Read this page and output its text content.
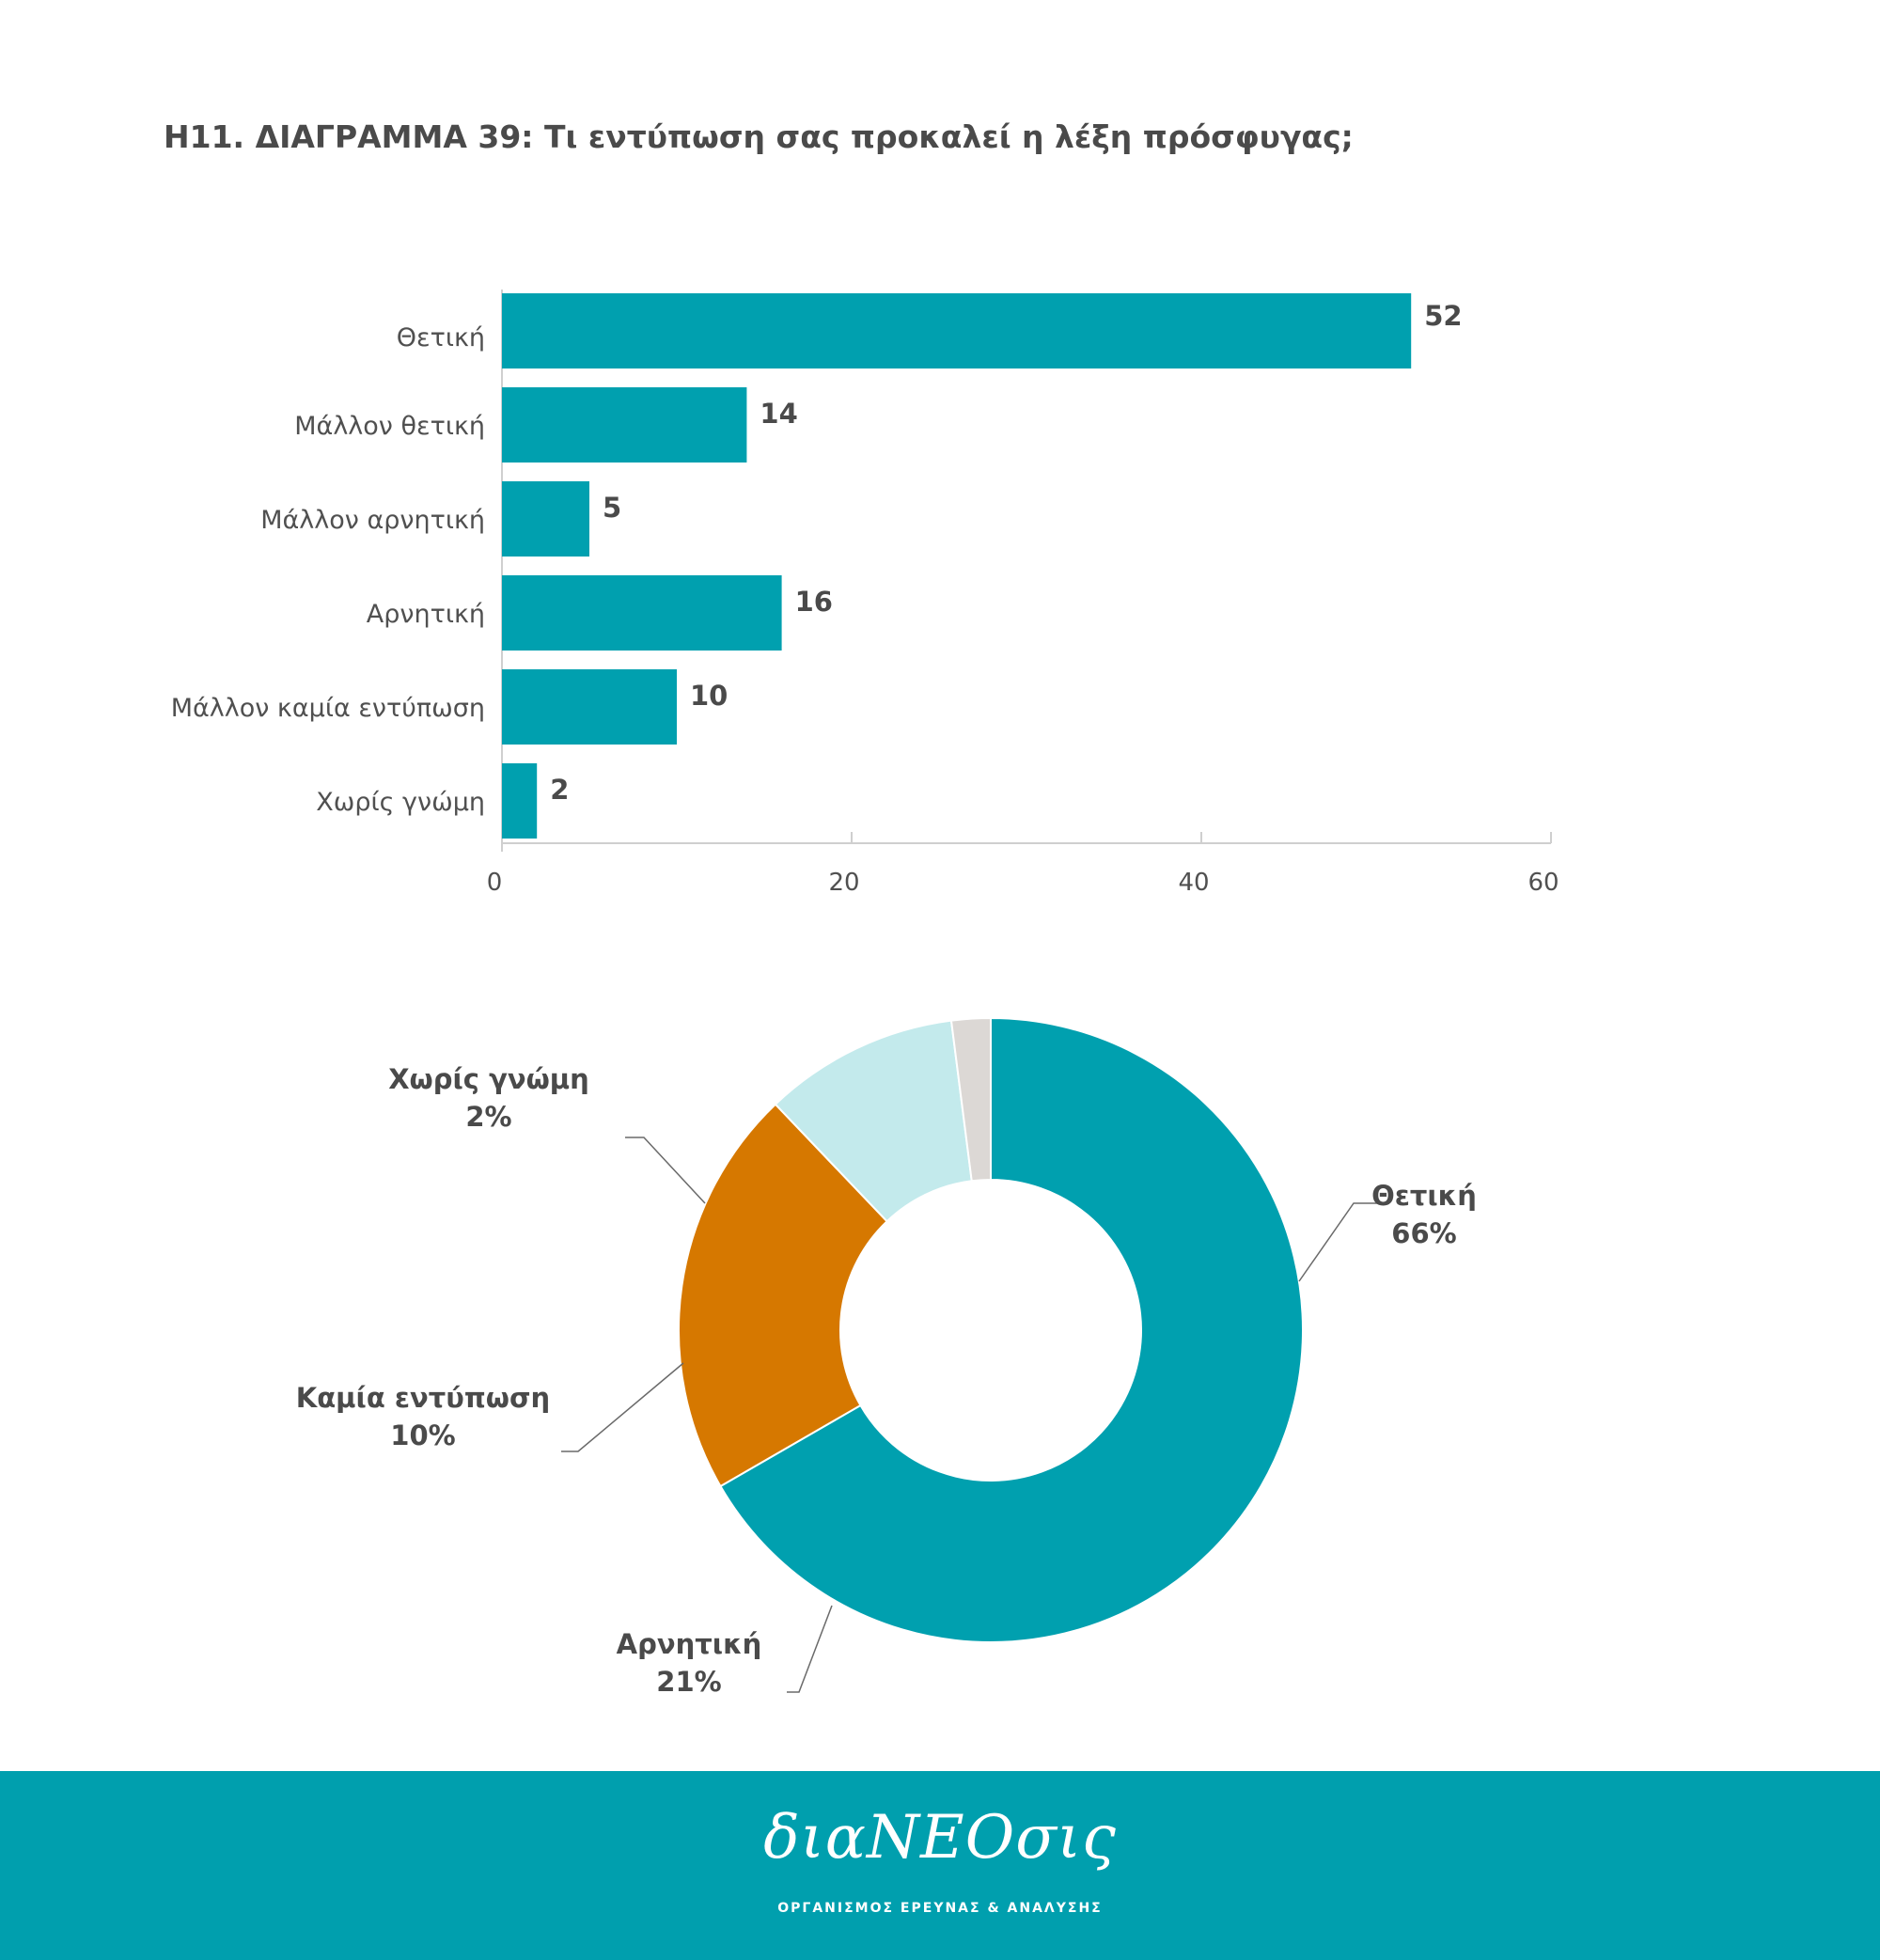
Η11. ΔΙΑΓΡΑΜΜΑ 39: Τι εντύπωση σας προκαλεί η λέξη πρόσφυγας;
0	20	40	60
Θετική
52
Μάλλον θετική	14
Μάλλον αρνητική	5
Αρνητική	16
Μάλλον καμία εντύπωση	10
Χωρίς γνώμη 2
Θετική
66%
Αρνητική
21%
Καμία εντύπωση
10%
Χωρίς γνώμη
2%
διαΝΕΟσις
ΟΡΓΑΝΙΣΜΟΣ ΕΡΕΥΝΑΣ & ΑΝΑΛΥΣΗΣ
